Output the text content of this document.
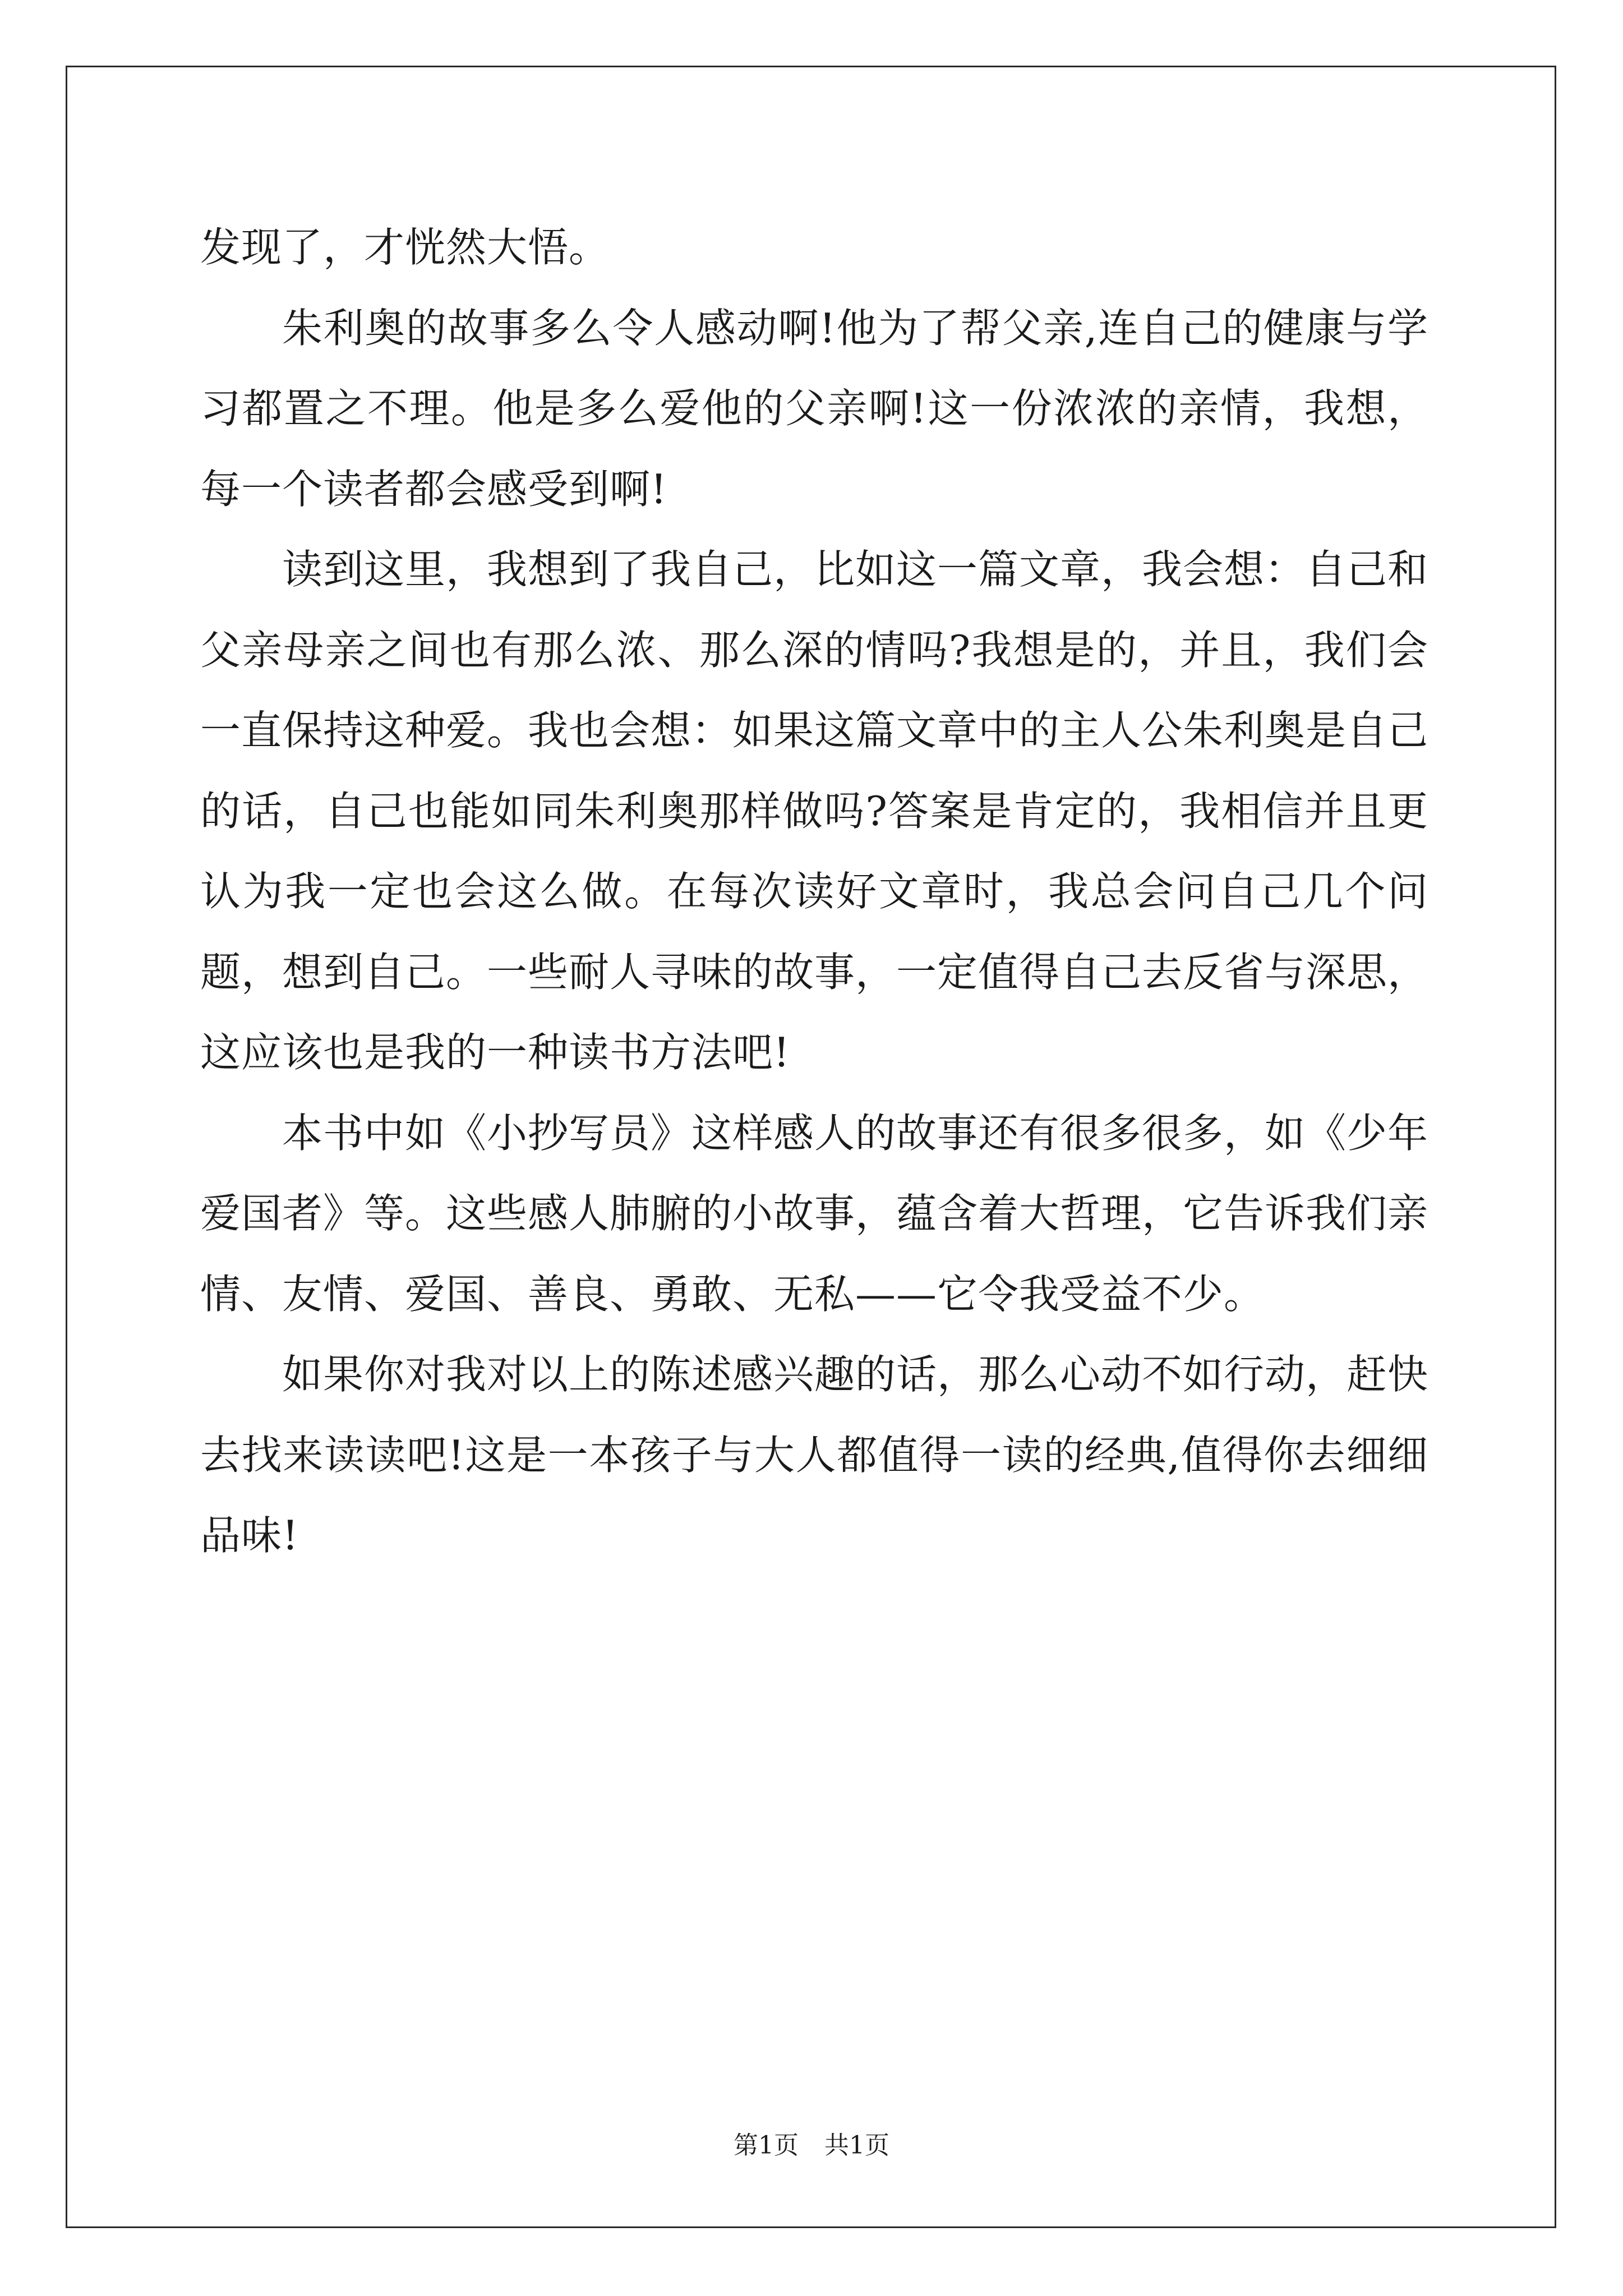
发现了，才恍然大悟。

朱利奥的故事多么令人感动啊!他为了帮父亲,连自己的健康与学习都置之不理。他是多么爱他的父亲啊!这一份浓浓的亲情，我想，每一个读者都会感受到啊!

读到这里，我想到了我自己，比如这一篇文章，我会想：自己和父亲母亲之间也有那么浓、那么深的情吗?我想是的，并且，我们会一直保持这种爱。我也会想：如果这篇文章中的主人公朱利奥是自己的话，自己也能如同朱利奥那样做吗?答案是肯定的，我相信并且更认为我一定也会这么做。在每次读好文章时，我总会问自己几个问题，想到自己。一些耐人寻味的故事，一定值得自己去反省与深思，这应该也是我的一种读书方法吧!

本书中如《小抄写员》这样感人的故事还有很多很多，如《少年爱国者》等。这些感人肺腑的小故事，蕴含着大哲理，它告诉我们亲情、友情、爱国、善良、勇敢、无私——它令我受益不少。

如果你对我对以上的陈述感兴趣的话，那么心动不如行动，赶快去找来读读吧!这是一本孩子与大人都值得一读的经典,值得你去细细品味!

第1页 共1页
